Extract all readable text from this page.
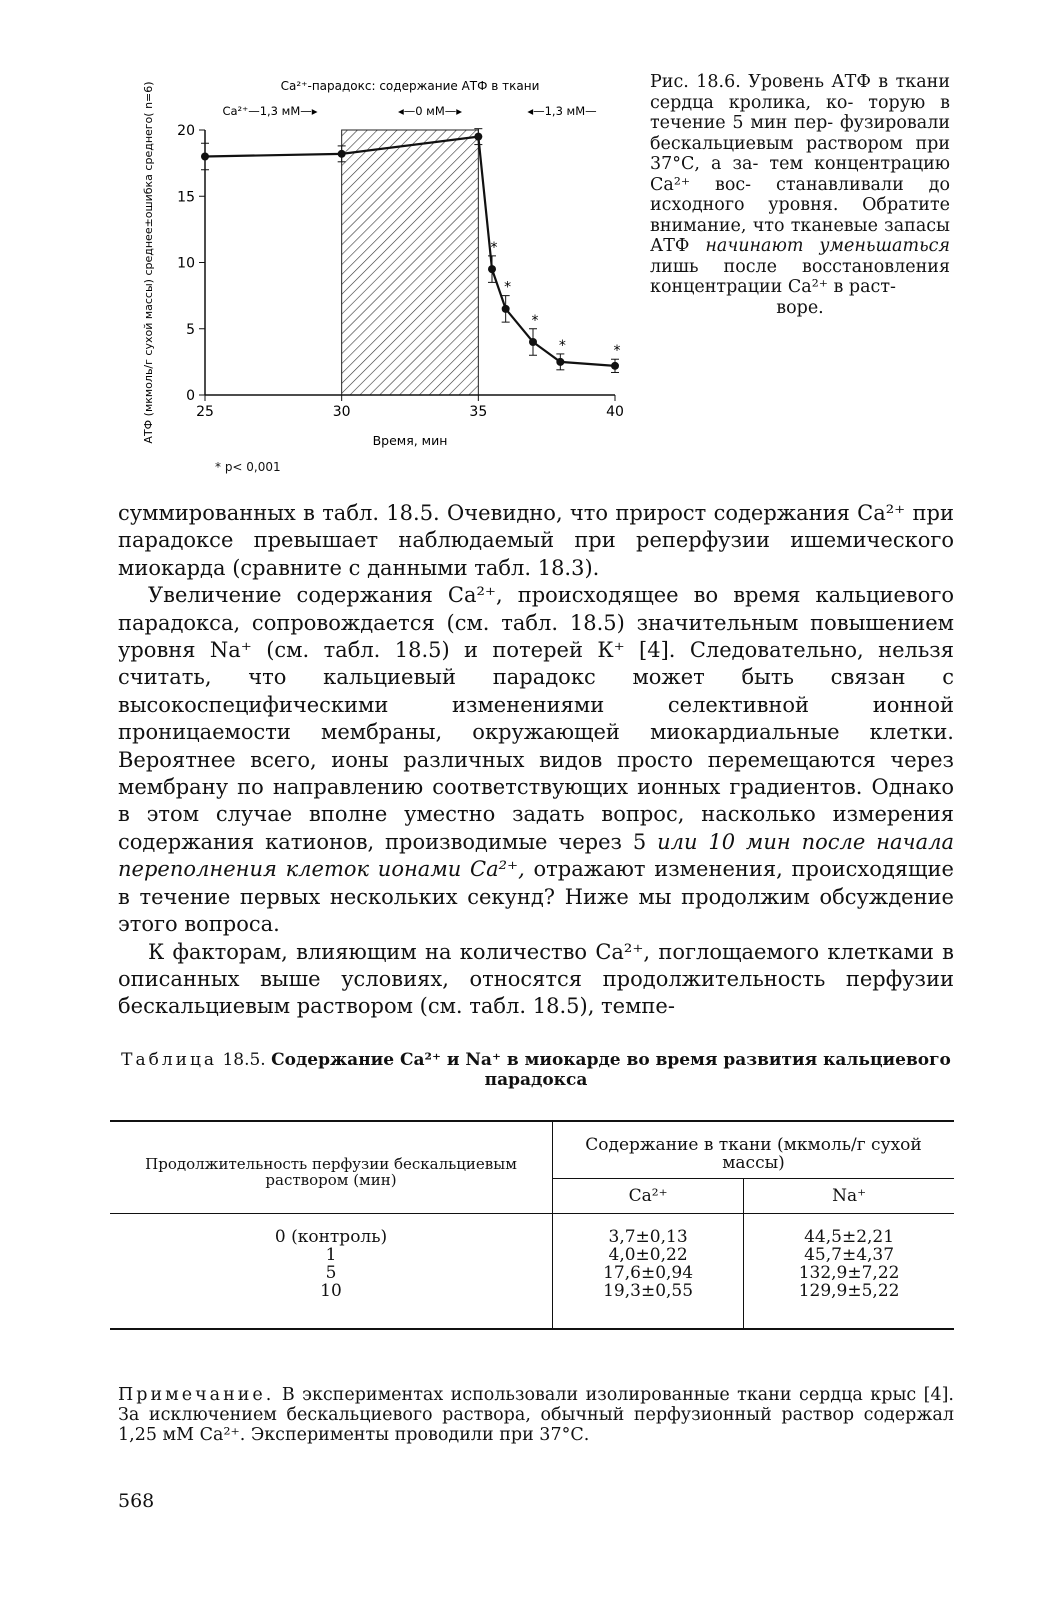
0
5
10
15
20
25	30	35	40
Са²⁺-парадокс: содержание АТФ в ткани
Са²⁺—1,3 мМ—▸	◂—0 мМ—▸	◂—1,3 мМ—
Время, мин
АТФ (мкмоль/г сухой массы) среднее±ошибка среднего( n=6)	*
*
*
*	*
* p< 0,001
Рис. 18.6. Уровень АТФ в ткани сердца кролика, ко- торую в течение 5 мин пер- фузировали бескальциевым раствором при 37°С, а за- тем концентрацию Са²⁺ вос- станавливали до исходного уровня. Обратите внимание, что тканевые запасы АТФ начинают уменьшаться лишь после восстановления концентрации Са²⁺ в раст-
воре.

суммированных в табл. 18.5. Очевидно, что прирост содержания Са²⁺ при парадоксе превышает наблюдаемый при реперфузии ишемического миокарда (сравните с данными табл. 18.3).

Увеличение содержания Са²⁺, происходящее во время кальциевого парадокса, сопровождается (см. табл. 18.5) значительным повышением уровня Na⁺ (см. табл. 18.5) и потерей К⁺ [4]. Следовательно, нельзя считать, что кальциевый парадокс может быть связан с высокоспецифическими изменениями селективной ионной проницаемости мембраны, окружающей миокардиальные клетки. Вероятнее всего, ионы различных видов просто перемещаются через мембрану по направлению соответствующих ионных градиентов. Однако в этом случае вполне уместно задать вопрос, насколько измерения содержания катионов, производимые через 5 или 10 мин после начала переполнения клеток ионами Са²⁺, отражают изменения, происходящие в течение первых нескольких секунд? Ниже мы продолжим обсуждение этого вопроса.

К факторам, влияющим на количество Са²⁺, поглощаемого клетками в описанных выше условиях, относятся продолжительность перфузии бескальциевым раствором (см. табл. 18.5), темпе-

Таблица 18.5. Содержание Са²⁺ и Na⁺ в миокарде во время развития кальциевого парадокса
Продолжительность перфузии бескальциевым раствором (мин)	Содержание в ткани (мкмоль/г сухой массы)	
	Са²⁺	Na⁺
0 (контроль)	3,7±0,13	44,5±2,21
1	4,0±0,22	45,7±4,37
5	17,6±0,94	132,9±7,22
10	19,3±0,55	129,9±5,22
Примечание. В экспериментах использовали изолированные ткани сердца крыс [4]. За исключением бескальциевого раствора, обычный перфузионный раствор содержал 1,25 мМ Са²⁺. Эксперименты проводили при 37°С.
568
